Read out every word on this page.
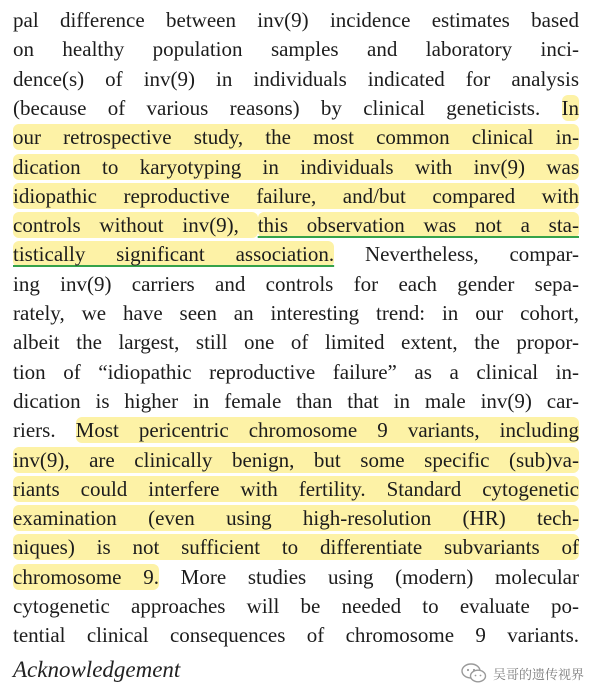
pal difference between inv(9) incidence estimates based
on healthy population samples and laboratory inci-
dence(s) of inv(9) in individuals indicated for analysis
(because of various reasons) by clinical geneticists. In
our retrospective study, the most common clinical in-
dication to karyotyping in individuals with inv(9) was
idiopathic reproductive failure, and/but compared with
controls without inv(9), this observation was not a sta-
tistically significant association. Nevertheless, compar-
ing inv(9) carriers and controls for each gender sepa-
rately, we have seen an interesting trend: in our cohort,
albeit the largest, still one of limited extent, the propor-
tion of “idiopathic reproductive failure” as a clinical in-
dication is higher in female than that in male inv(9) car-
riers. Most pericentric chromosome 9 variants, including
inv(9), are clinically benign, but some specific (sub)va-
riants could interfere with fertility. Standard cytogenetic
examination (even using high-resolution (HR) tech-
niques) is not sufficient to differentiate subvariants of
chromosome 9. More studies using (modern) molecular
cytogenetic approaches will be needed to evaluate po-
tential clinical consequences of chromosome 9 variants.
Acknowledgement	吴哥的遗传视界
